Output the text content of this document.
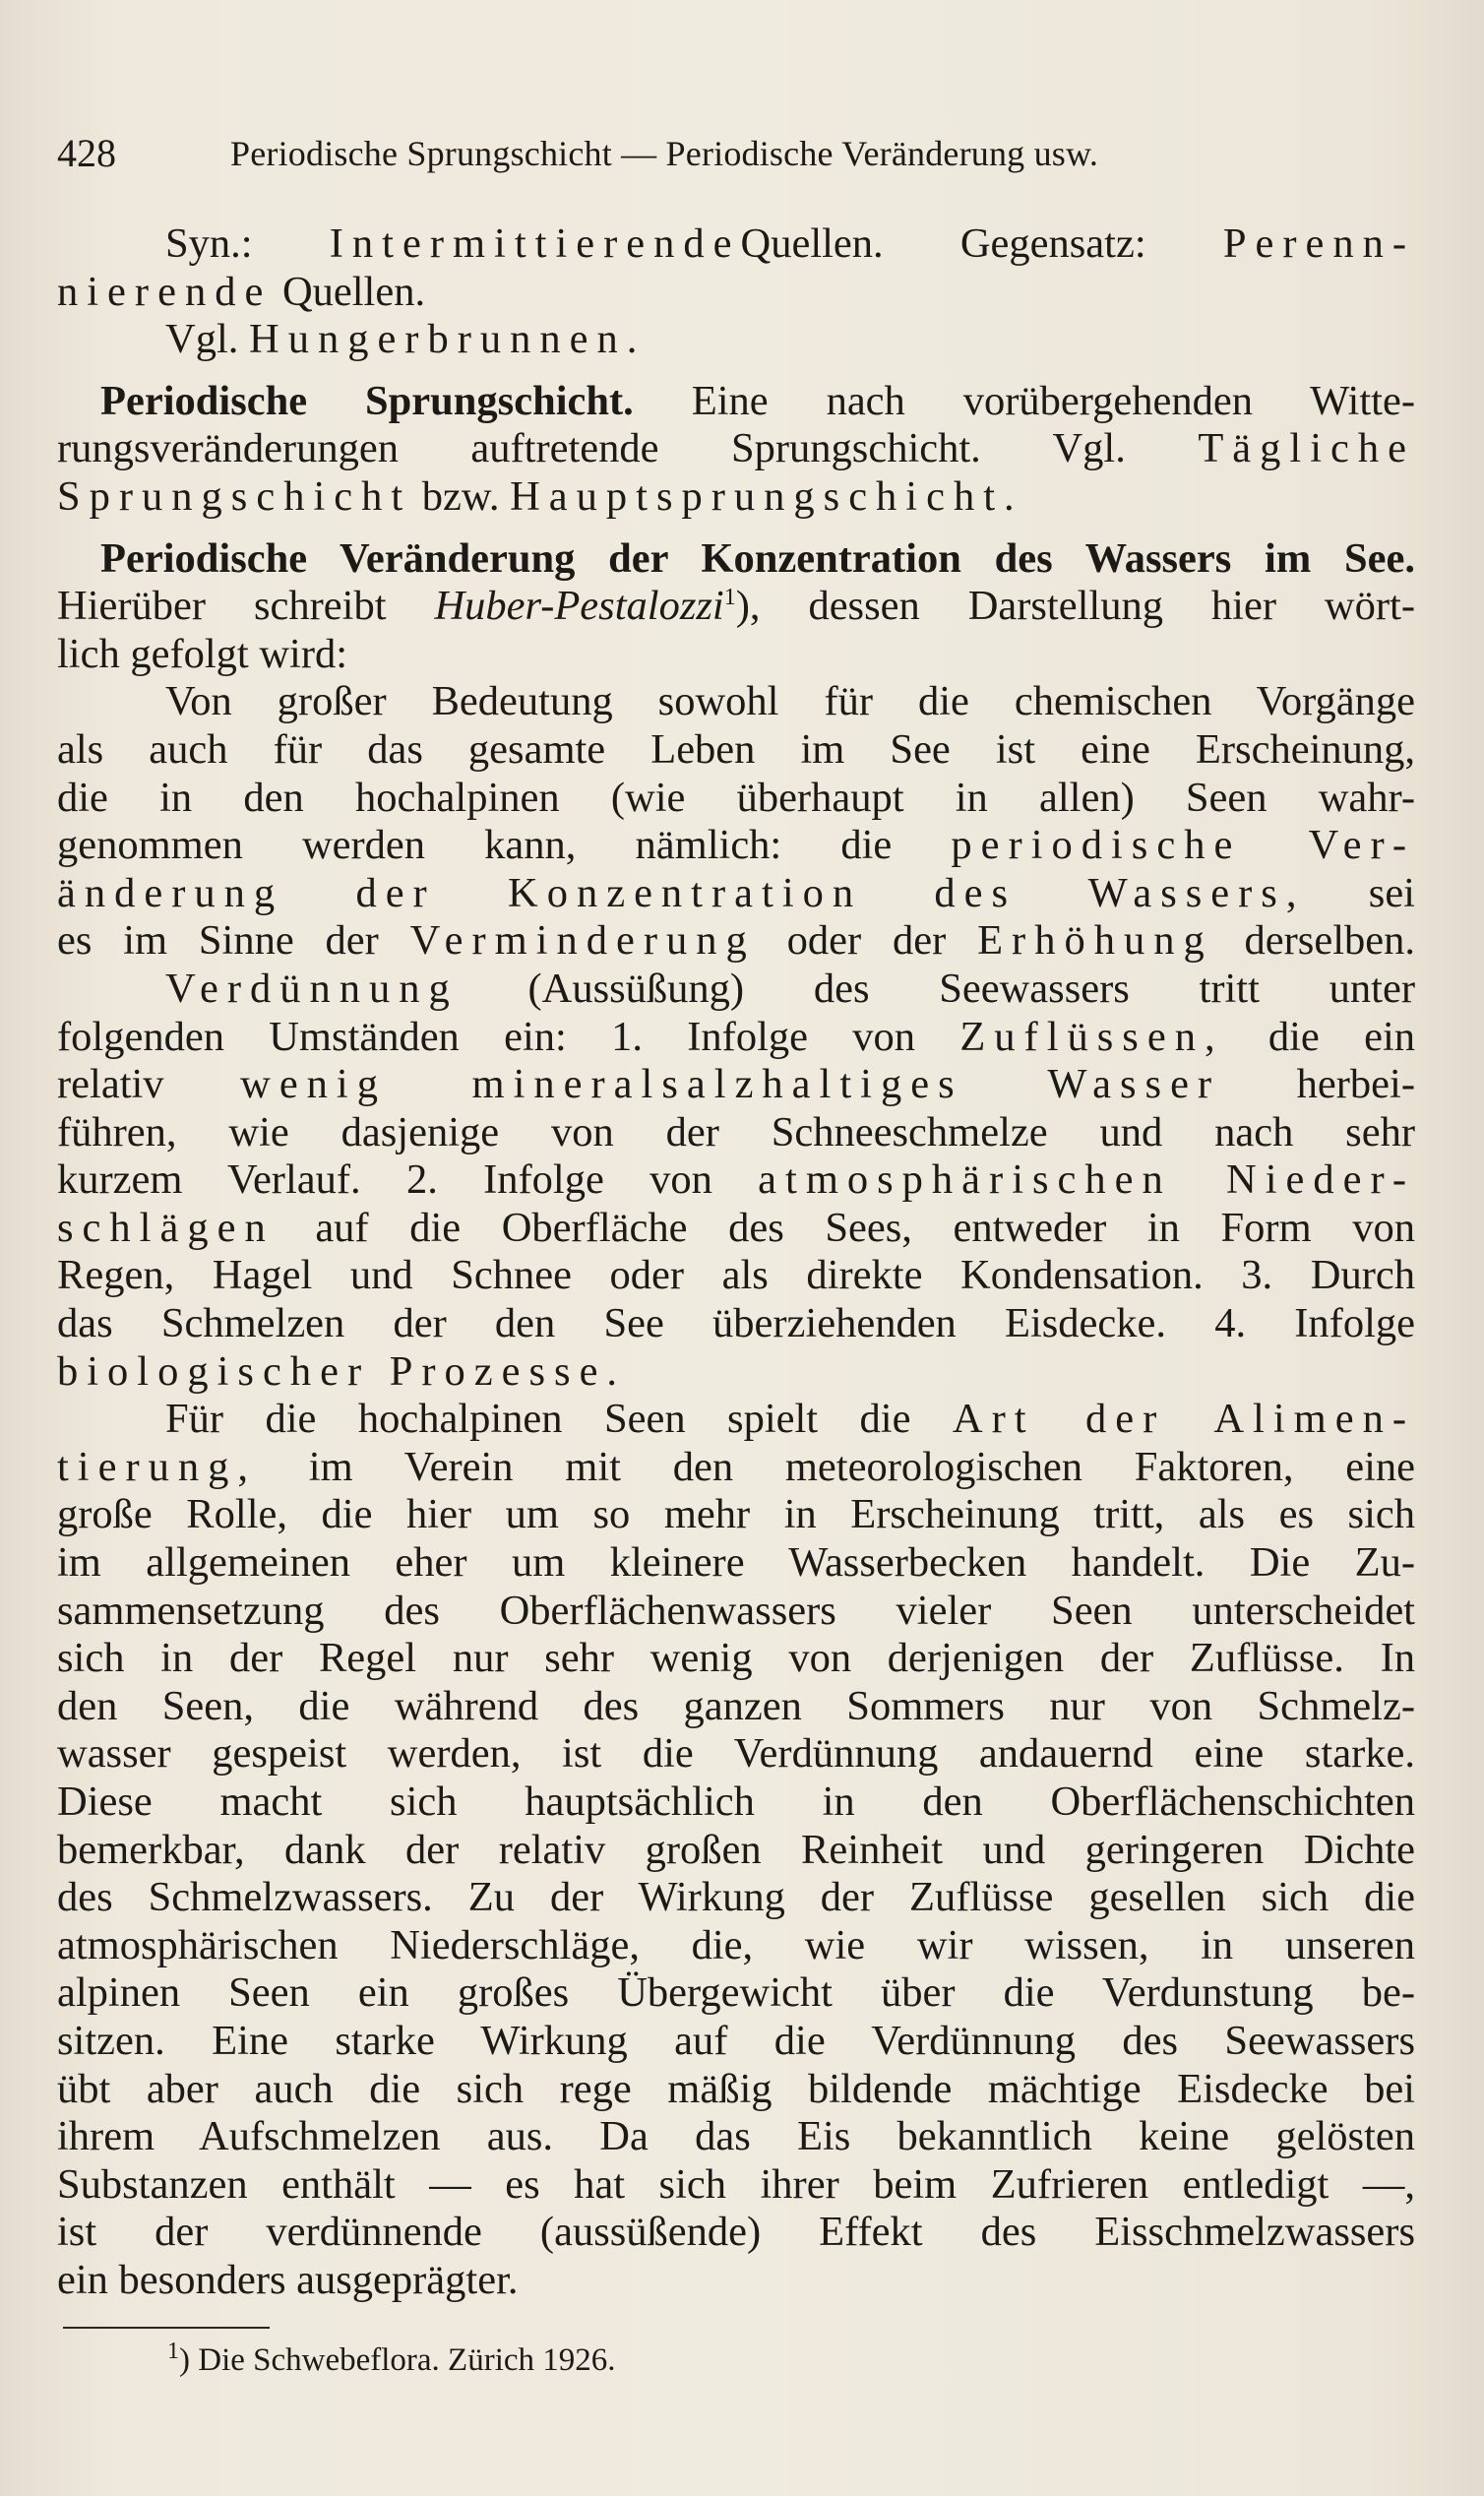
428	Periodische Sprungschicht — Periodische Veränderung usw.
Syn.: IntermittierendeQuellen. Gegensatz: Perenn-
nierende Quellen.
Vgl. Hungerbrunnen.
Periodische Sprungschicht. Eine nach vorübergehenden Witte-
rungsveränderungen auftretende Sprungschicht. Vgl. Tägliche
Sprungschicht bzw. Hauptsprungschicht.
Periodische Veränderung der Konzentration des Wassers im See.
Hierüber schreibt Huber-Pestalozzi$^1$), dessen Darstellung hier wört-
lich gefolgt wird:
Von großer Bedeutung sowohl für die chemischen Vorgänge
als auch für das gesamte Leben im See ist eine Erscheinung,
die in den hochalpinen (wie überhaupt in allen) Seen wahr-
genommen werden kann, nämlich: die periodische Ver-
änderung der Konzentration des Wassers, sei
es im Sinne der Verminderung oder der Erhöhung derselben.
Verdünnung (Aussüßung) des Seewassers tritt unter
folgenden Umständen ein: 1. Infolge von Zuflüssen, die ein
relativ wenig mineralsalzhaltiges Wasser herbei-
führen, wie dasjenige von der Schneeschmelze und nach sehr
kurzem Verlauf. 2. Infolge von atmosphärischen Nieder-
schlägen auf die Oberfläche des Sees, entweder in Form von
Regen, Hagel und Schnee oder als direkte Kondensation. 3. Durch
das Schmelzen der den See überziehenden Eisdecke. 4. Infolge
biologischer Prozesse.
Für die hochalpinen Seen spielt die Art der Alimen-
tierung, im Verein mit den meteorologischen Faktoren, eine
große Rolle, die hier um so mehr in Erscheinung tritt, als es sich
im allgemeinen eher um kleinere Wasserbecken handelt. Die Zu-
sammensetzung des Oberflächenwassers vieler Seen unterscheidet
sich in der Regel nur sehr wenig von derjenigen der Zuflüsse. In
den Seen, die während des ganzen Sommers nur von Schmelz-
wasser gespeist werden, ist die Verdünnung andauernd eine starke.
Diese macht sich hauptsächlich in den Oberflächenschichten
bemerkbar, dank der relativ großen Reinheit und geringeren Dichte
des Schmelzwassers. Zu der Wirkung der Zuflüsse gesellen sich die
atmosphärischen Niederschläge, die, wie wir wissen, in unseren
alpinen Seen ein großes Übergewicht über die Verdunstung be-
sitzen. Eine starke Wirkung auf die Verdünnung des Seewassers
übt aber auch die sich rege mäßig bildende mächtige Eisdecke bei
ihrem Aufschmelzen aus. Da das Eis bekanntlich keine gelösten
Substanzen enthält — es hat sich ihrer beim Zufrieren entledigt —,
ist der verdünnende (aussüßende) Effekt des Eisschmelzwassers
ein besonders ausgeprägter.
$^1$) Die Schwebeflora. Zürich 1926.
